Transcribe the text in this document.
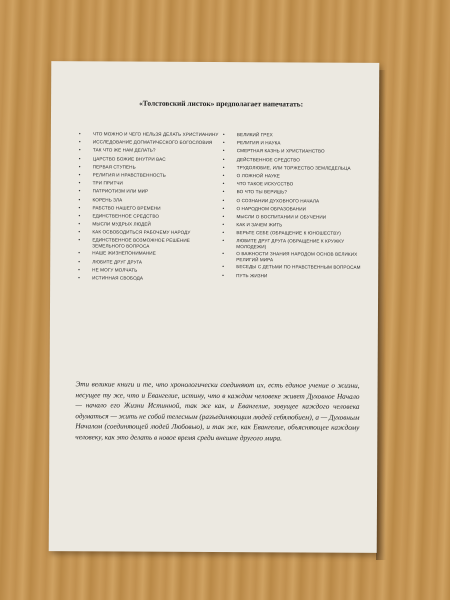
«Толстовский листок» предполагает напечатать:
•	ЧТО МОЖНО И ЧЕГО НЕЛЬЗЯ ДЕЛАТЬ ХРИСТИАНИНУ
•	ИССЛЕДОВАНИЕ ДОГМАТИЧЕСКОГО БОГОСЛОВИЯ
•	ТАК ЧТО ЖЕ НАМ ДЕЛАТЬ?
•	ЦАРСТВО БОЖИЕ ВНУТРИ ВАС
•	ПЕРВАЯ СТУПЕНЬ
•	РЕЛИГИЯ И НРАВСТВЕННОСТЬ
•	ТРИ ПРИТЧИ
•	ПАТРИОТИЗМ ИЛИ МИР
•	КОРЕНЬ ЗЛА
•	РАБСТВО НАШЕГО ВРЕМЕНИ
•	ЕДИНСТВЕННОЕ СРЕДСТВО
•	МЫСЛИ МУДРЫХ ЛЮДЕЙ
•	КАК ОСВОБОДИТЬСЯ РАБОЧЕМУ НАРОДУ
•	ЕДИНСТВЕННОЕ ВОЗМОЖНОЕ РЕШЕНИЕ ЗЕМЕЛЬНОГО ВОПРОСА
•	НАШЕ ЖИЗНЕПОНИМАНИЕ
•	ЛЮБИТЕ ДРУГ ДРУГА
•	НЕ МОГУ МОЛЧАТЬ
•	ИСТИННАЯ СВОБОДА
•	ВЕЛИКИЙ ГРЕХ
•	РЕЛИГИЯ И НАУКА
•	СМЕРТНАЯ КАЗНЬ И ХРИСТИАНСТВО
•	ДЕЙСТВЕННОЕ СРЕДСТВО
•	ТРУДОЛЮБИЕ, ИЛИ ТОРЖЕСТВО ЗЕМЛЕДЕЛЬЦА
•	О ЛОЖНОЙ НАУКЕ
•	ЧТО ТАКОЕ ИСКУССТВО
•	ВО ЧТО ТЫ ВЕРИШЬ?
•	О СОЗНАНИИ ДУХОВНОГО НАЧАЛА
•	О НАРОДНОМ ОБРАЗОВАНИИ
•	МЫСЛИ О ВОСПИТАНИИ И ОБУЧЕНИИ
•	КАК И ЗАЧЕМ ЖИТЬ
•	ВЕРЬТЕ СЕБЕ (ОБРАЩЕНИЕ К ЮНОШЕСТВУ)
•	ЛЮБИТЕ ДРУГ ДРУГА (ОБРАЩЕНИЕ К КРУЖКУ МОЛОДЕЖИ)
•	О ВАЖНОСТИ ЗНАНИЯ НАРОДОМ ОСНОВ ВЕЛИКИХ РЕЛИГИЙ МИРА
•	БЕСЕДЫ С ДЕТЬМИ ПО НРАВСТВЕННЫМ ВОПРОСАМ
•	ПУТЬ ЖИЗНИ
Эти великие книги и те, что хронологически соединяют их, есть единое учение о жизни, несущее ту же, что и Евангелие, истину, что в каждом человеке живет Духовное Начало — начало его Жизни Истинной, так же как, и Евангелие, зовущее каждого человека одуматься — жить не собой телесным (разъединяющим людей себялюбием), а — Духовным Началом (соединяющей людей Любовью), и так же, как Евангелие, объясняющее каждому человеку, как это делать в новое время среди внешне другого мира.
